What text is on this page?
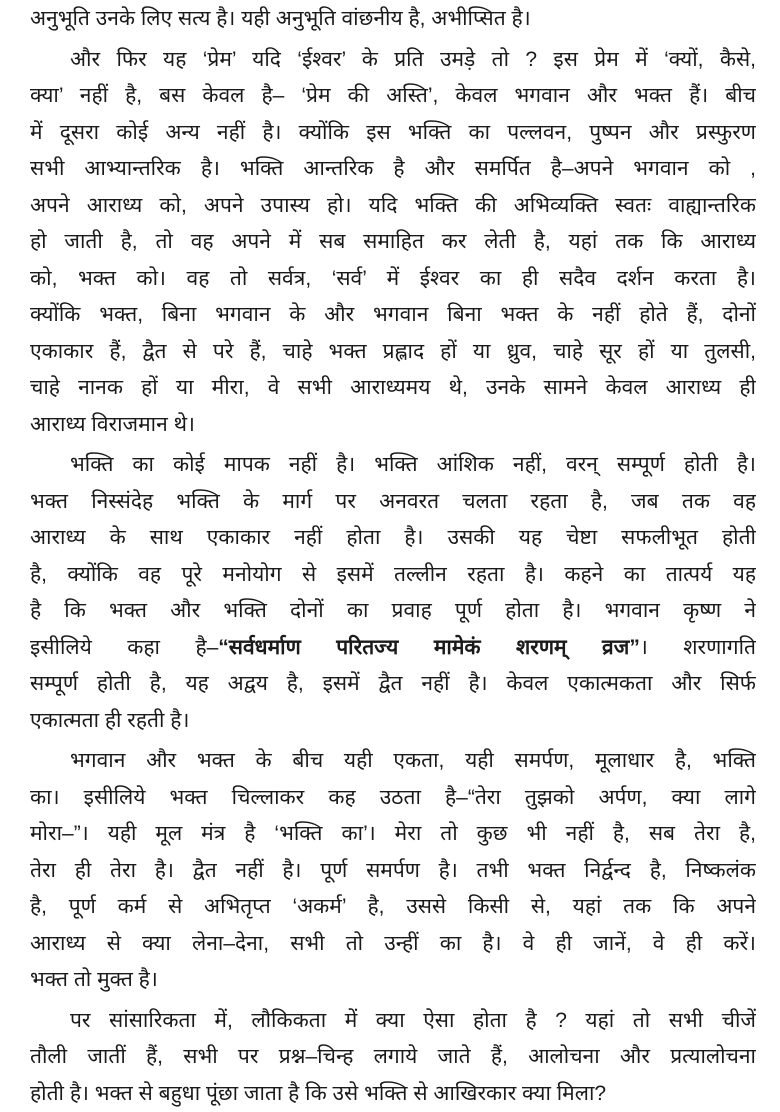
अनुभूति उनके लिए सत्य है। यही अनुभूति वांछनीय है, अभीप्सित है।
और फिर यह ‘प्रेम’ यदि ‘ईश्वर’ के प्रति उमड़े तो ? इस प्रेम में ‘क्यों, कैसे,
क्या’ नहीं है, बस केवल है– ‘प्रेम की अस्ति’, केवल भगवान और भक्त हैं। बीच
में दूसरा कोई अन्य नहीं है। क्योंकि इस भक्ति का पल्लवन, पुष्पन और प्रस्फुरण
सभी आभ्यान्तरिक है। भक्ति आन्तरिक है और समर्पित है–अपने भगवान को ,
अपने आराध्य को, अपने उपास्य हो। यदि भक्ति की अभिव्यक्ति स्वतः वाह्यान्तरिक
हो जाती है, तो वह अपने में सब समाहित कर लेती है, यहां तक कि आराध्य
को, भक्त को। वह तो सर्वत्र, ‘सर्व’ में ईश्वर का ही सदैव दर्शन करता है।
क्योंकि भक्त, बिना भगवान के और भगवान बिना भक्त के नहीं होते हैं, दोनों
एकाकार हैं, द्वैत से परे हैं, चाहे भक्त प्रह्लाद हों या ध्रुव, चाहे सूर हों या तुलसी,
चाहे नानक हों या मीरा, वे सभी आराध्यमय थे, उनके सामने केवल आराध्य ही
आराध्य विराजमान थे।
भक्ति का कोई मापक नहीं है। भक्ति आंशिक नहीं, वरन् सम्पूर्ण होती है।
भक्त निस्संदेह भक्ति के मार्ग पर अनवरत चलता रहता है, जब तक वह
आराध्य के साथ एकाकार नहीं होता है। उसकी यह चेष्टा सफलीभूत होती
है, क्योंकि वह पूरे मनोयोग से इसमें तल्लीन रहता है। कहने का तात्पर्य यह
है कि भक्त और भक्ति दोनों का प्रवाह पूर्ण होता है। भगवान कृष्ण ने
इसीलिये कहा है–“सर्वधर्माण परितज्य मामेकं शरणम् व्रज”। शरणागति
सम्पूर्ण होती है, यह अद्वय है, इसमें द्वैत नहीं है। केवल एकात्मकता और सिर्फ
एकात्मता ही रहती है।
भगवान और भक्त के बीच यही एकता, यही समर्पण, मूलाधार है, भक्ति
का। इसीलिये भक्त चिल्लाकर कह उठता है–“तेरा तुझको अर्पण, क्या लागे
मोरा–”। यही मूल मंत्र है ‘भक्ति का’। मेरा तो कुछ भी नहीं है, सब तेरा है,
तेरा ही तेरा है। द्वैत नहीं है। पूर्ण समर्पण है। तभी भक्त निर्द्वन्द है, निष्कलंक
है, पूर्ण कर्म से अभितृप्त ‘अकर्म’ है, उससे किसी से, यहां तक कि अपने
आराध्य से क्या लेना–देना, सभी तो उन्हीं का है। वे ही जानें, वे ही करें।
भक्त तो मुक्त है।
पर सांसारिकता में, लौकिकता में क्या ऐसा होता है ? यहां तो सभी चीजें
तौली जातीं हैं, सभी पर प्रश्न–चिन्ह लगाये जाते हैं, आलोचना और प्रत्यालोचना
होती है। भक्त से बहुधा पूंछा जाता है कि उसे भक्ति से आखिरकार क्या मिला?
